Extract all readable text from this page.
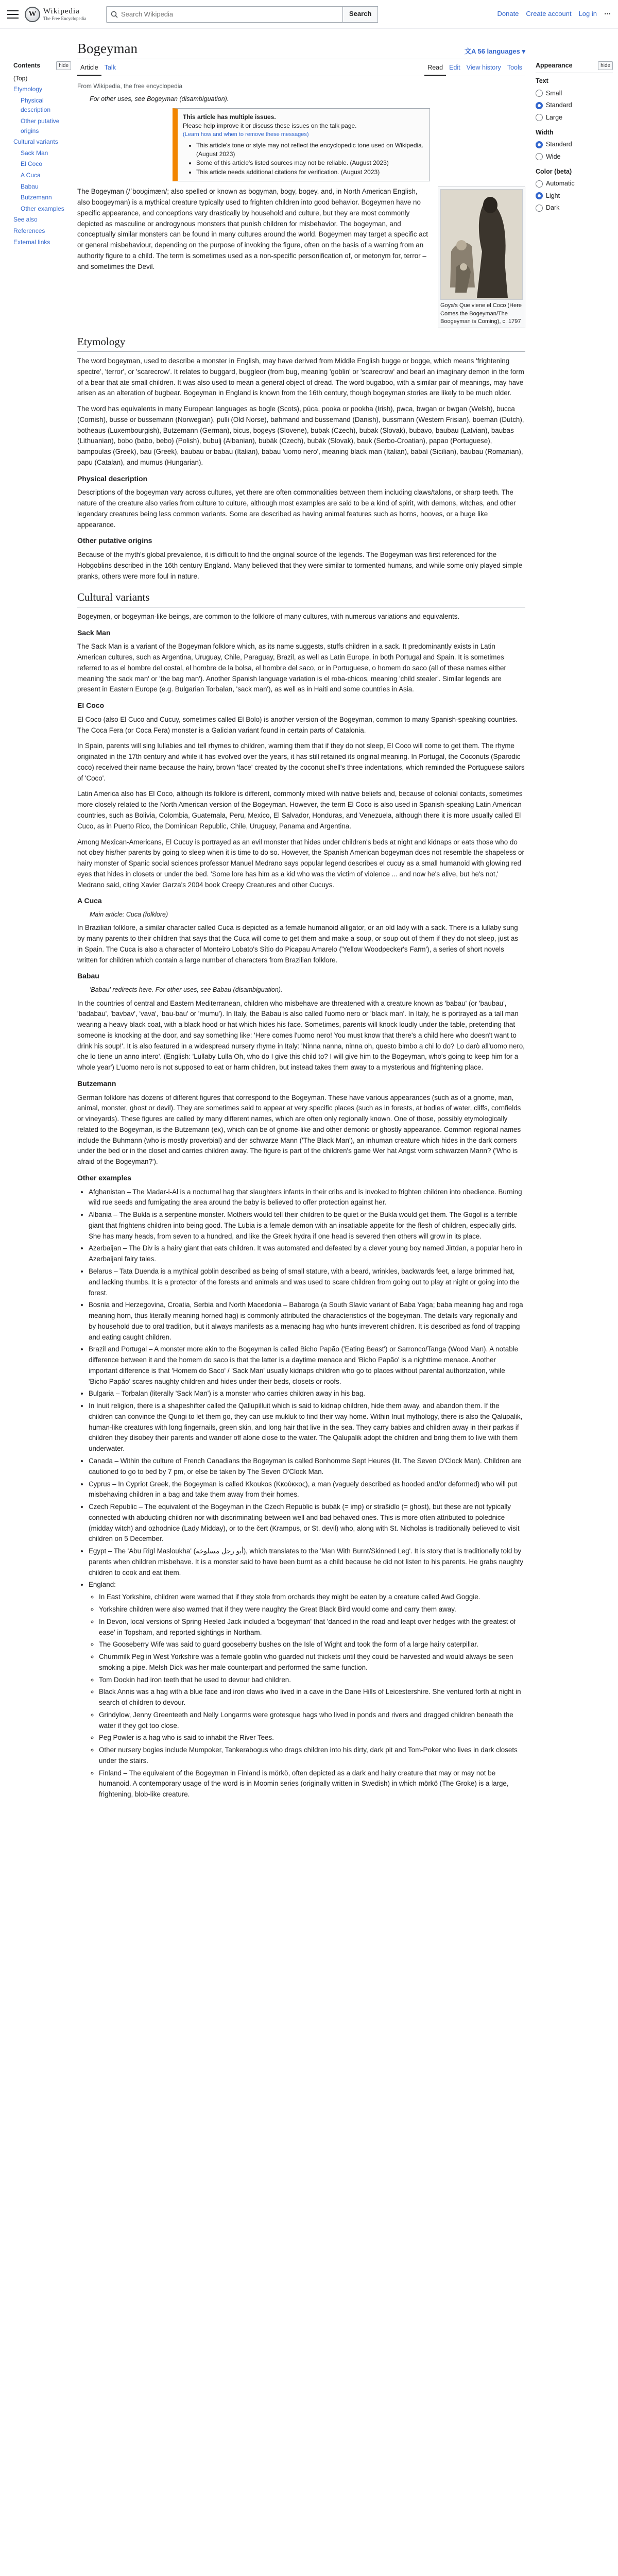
W Wikipedia
The Free Encyclopedia
Search Wikipedia
Search	Donate Create account Log in ⋯
Bogeyman	文A 56 languages ▾
Article Talk	Read Edit View history Tools
Contents	hide
(Top)
Etymology
Physical description
Other putative origins
Cultural variants
Sack Man
El Coco
A Cuca
Babau
Butzemann
Other examples
See also
References
External links
From Wikipedia, the free encyclopedia
For other uses, see Bogeyman (disambiguation).
This article has multiple issues.
Please help improve it or discuss these issues on the talk page.
(Learn how and when to remove these messages)
• This article's tone or style may not reflect the encyclopedic tone used on Wikipedia. (August 2023)
• Some of this article's listed sources may not be reliable. (August 2023)
• This article needs additional citations for verification. (August 2023)
Goya's Que viene el Coco (Here Comes the Bogeyman/The Boogeyman is Coming), c. 1797
The Bogeyman (/ˈboʊɡimæn/; also spelled or known as bogyman, bogy, bogey, and, in North American English, also boogeyman) is a mythical creature typically used to frighten children into good behavior. Bogeymen have no specific appearance, and conceptions vary drastically by household and culture, but they are most commonly depicted as masculine or androgynous monsters that punish children for misbehavior. The bogeyman, and conceptually similar monsters can be found in many cultures around the world. Bogeymen may target a specific act or general misbehaviour, depending on the purpose of invoking the figure, often on the basis of a warning from an authority figure to a child. The term is sometimes used as a non-specific personification of, or metonym for, terror – and sometimes the Devil.
Etymology
The word bogeyman, used to describe a monster in English, may have derived from Middle English bugge or bogge, which means 'frightening spectre', 'terror', or 'scarecrow'. It relates to buggard, buggleor (from bug, meaning 'goblin' or 'scarecrow' and bearl an imaginary demon in the form of a bear that ate small children. It was also used to mean a general object of dread. The word bugaboo, with a similar pair of meanings, may have arisen as an alteration of bugbear. Bogeyman in England is known from the 16th century, though bogeyman stories are likely to be much older.
The word has equivalents in many European languages as bogle (Scots), púca, pooka or pookha (Irish), pwca, bwgan or bwgan (Welsh), bucca (Cornish), busse or bussemann (Norwegian), pulli (Old Norse), bøhmand and bussemand (Danish), bussmann (Western Frisian), boeman (Dutch), botheaus (Luxembourgish), Butzemann (German), bicus, bogeys (Slovene), bubak (Czech), bubak (Slovak), bubavo, baubau (Latvian), baubas (Lithuanian), bobo (babo, bebo) (Polish), bubulj (Albanian), bubák (Czech), bubák (Slovak), bauk (Serbo-Croatian), papao (Portuguese), bampoulas (Greek), bau (Greek), baubau or babau (Italian), babau 'uomo nero', meaning black man (Italian), babaí (Sicilian), baubau (Romanian), papu (Catalan), and mumus (Hungarian).
Physical description
Descriptions of the bogeyman vary across cultures, yet there are often commonalities between them including claws/talons, or sharp teeth. The nature of the creature also varies from culture to culture, although most examples are said to be a kind of spirit, with demons, witches, and other legendary creatures being less common variants. Some are described as having animal features such as horns, hooves, or a huge like appearance.
Other putative origins
Because of the myth's global prevalence, it is difficult to find the original source of the legends. The Bogeyman was first referenced for the Hobgoblins described in the 16th century England. Many believed that they were similar to tormented humans, and while some only played simple pranks, others were more foul in nature.
Cultural variants
Bogeymen, or bogeyman-like beings, are common to the folklore of many cultures, with numerous variations and equivalents.
Sack Man
The Sack Man is a variant of the Bogeyman folklore which, as its name suggests, stuffs children in a sack. It predominantly exists in Latin American cultures, such as Argentina, Uruguay, Chile, Paraguay, Brazil, as well as Latin Europe, in both Portugal and Spain. It is sometimes referred to as el hombre del costal, el hombre de la bolsa, el hombre del saco, or in Portuguese, o homem do saco (all of these names either meaning 'the sack man' or 'the bag man'). Another Spanish language variation is el roba-chicos, meaning 'child stealer'. Similar legends are present in Eastern Europe (e.g. Bulgarian Torbalan, 'sack man'), as well as in Haiti and some countries in Asia.
El Coco
El Coco (also El Cuco and Cucuy, sometimes called El Bolo) is another version of the Bogeyman, common to many Spanish-speaking countries. The Coca Fera (or Coca Fera) monster is a Galician variant found in certain parts of Catalonia.
In Spain, parents will sing lullabies and tell rhymes to children, warning them that if they do not sleep, El Coco will come to get them. The rhyme originated in the 17th century and while it has evolved over the years, it has still retained its original meaning. In Portugal, the Coconuts (Sparodic coco) received their name because the hairy, brown 'face' created by the coconut shell's three indentations, which reminded the Portuguese sailors of 'Coco'.
Latin America also has El Coco, although its folklore is different, commonly mixed with native beliefs and, because of colonial contacts, sometimes more closely related to the North American version of the Bogeyman. However, the term El Coco is also used in Spanish-speaking Latin American countries, such as Bolivia, Colombia, Guatemala, Peru, Mexico, El Salvador, Honduras, and Venezuela, although there it is more usually called El Cuco, as in Puerto Rico, the Dominican Republic, Chile, Uruguay, Panama and Argentina.
Among Mexican-Americans, El Cucuy is portrayed as an evil monster that hides under children's beds at night and kidnaps or eats those who do not obey his/her parents by going to sleep when it is time to do so. However, the Spanish American bogeyman does not resemble the shapeless or hairy monster of Spanic social sciences professor Manuel Medrano says popular legend describes el cucuy as a small humanoid with glowing red eyes that hides in closets or under the bed. 'Some lore has him as a kid who was the victim of violence ... and now he's alive, but he's not,' Medrano said, citing Xavier Garza's 2004 book Creepy Creatures and other Cucuys.
A Cuca
Main article: Cuca (folklore)
In Brazilian folklore, a similar character called Cuca is depicted as a female humanoid alligator, or an old lady with a sack. There is a lullaby sung by many parents to their children that says that the Cuca will come to get them and make a soup, or soup out of them if they do not sleep, just as in Spain. The Cuca is also a character of Monteiro Lobato's Sítio do Picapau Amarelo ('Yellow Woodpecker's Farm'), a series of short novels written for children which contain a large number of characters from Brazilian folklore.
Babau
'Babau' redirects here. For other uses, see Babau (disambiguation).
In the countries of central and Eastern Mediterranean, children who misbehave are threatened with a creature known as 'babau' (or 'baubau', 'badabau', 'bavbav', 'vava', 'bau-bau' or 'mumu'). In Italy, the Babau is also called l'uomo nero or 'black man'. In Italy, he is portrayed as a tall man wearing a heavy black coat, with a black hood or hat which hides his face. Sometimes, parents will knock loudly under the table, pretending that someone is knocking at the door, and say something like: 'Here comes l'uomo nero! You must know that there's a child here who doesn't want to drink his soup!'. It is also featured in a widespread nursery rhyme in Italy: 'Ninna nanna, ninna oh, questo bimbo a chi lo do? Lo darò all'uomo nero, che lo tiene un anno intero'. (English: 'Lullaby Lulla Oh, who do I give this child to? I will give him to the Bogeyman, who's going to keep him for a whole year') L'uomo nero is not supposed to eat or harm children, but instead takes them away to a mysterious and frightening place.
Butzemann
German folklore has dozens of different figures that correspond to the Bogeyman. These have various appearances (such as of a gnome, man, animal, monster, ghost or devil). They are sometimes said to appear at very specific places (such as in forests, at bodies of water, cliffs, cornfields or vineyards). These figures are called by many different names, which are often only regionally known. One of those, possibly etymologically related to the Bogeyman, is the Butzemann (ex), which can be of gnome-like and other demonic or ghostly appearance. Common regional names include the Buhmann (who is mostly proverbial) and der schwarze Mann ('The Black Man'), an inhuman creature which hides in the dark corners under the bed or in the closet and carries children away. The figure is part of the children's game Wer hat Angst vorm schwarzen Mann? ('Who is afraid of the Bogeyman?').
Other examples
• Afghanistan – The Madar-i-Al is a nocturnal hag that slaughters infants in their cribs and is invoked to frighten children into obedience. Burning wild rue seeds and fumigating the area around the baby is believed to offer protection against her.
• Albania – The Bukla is a serpentine monster. Mothers would tell their children to be quiet or the Bukla would get them. The Gogol is a terrible giant that frightens children into being good. The Lubia is a female demon with an insatiable appetite for the flesh of children, especially girls. She has many heads, from seven to a hundred, and like the Greek hydra if one head is severed then others will grow in its place.
• Azerbaijan – The Div is a hairy giant that eats children. It was automated and defeated by a clever young boy named Jirtdan, a popular hero in Azerbaijani fairy tales.
• Belarus – Tata Duenda is a mythical goblin described as being of small stature, with a beard, wrinkles, backwards feet, a large brimmed hat, and lacking thumbs. It is a protector of the forests and animals and was used to scare children from going out to play at night or going into the forest.
• Bosnia and Herzegovina, Croatia, Serbia and North Macedonia – Babaroga (a South Slavic variant of Baba Yaga; baba meaning hag and roga meaning horn, thus literally meaning horned hag) is commonly attributed the characteristics of the bogeyman. The details vary regionally and by household due to oral tradition, but it always manifests as a menacing hag who hunts irreverent children. It is described as fond of trapping and eating caught children.
• Brazil and Portugal – A monster more akin to the Bogeyman is called Bicho Papão ('Eating Beast') or Sarronco/Tanga (Wood Man). A notable difference between it and the homem do saco is that the latter is a daytime menace and 'Bicho Papão' is a nighttime menace. Another important difference is that 'Homem do Saco' / 'Sack Man' usually kidnaps children who go to places without parental authorization, while 'Bicho Papão' scares naughty children and hides under their beds, closets or roofs.
• Bulgaria – Torbalan (literally 'Sack Man') is a monster who carries children away in his bag.
• In Inuit religion, there is a shapeshifter called the Qallupilluit which is said to kidnap children, hide them away, and abandon them. If the children can convince the Qungi to let them go, they can use mukluk to find their way home. Within Inuit mythology, there is also the Qalupalik, human-like creatures with long fingernails, green skin, and long hair that live in the sea. They carry babies and children away in their parkas if children they disobey their parents and wander off alone close to the water. The Qalupalik adopt the children and bring them to live with them underwater.
• Canada – Within the culture of French Canadians the Bogeyman is called Bonhomme Sept Heures (lit. The Seven O'Clock Man). Children are cautioned to go to bed by 7 pm, or else be taken by The Seven O'Clock Man.
• Cyprus – In Cypriot Greek, the Bogeyman is called Kkoukos (Κκούκκος), a man (vaguely described as hooded and/or deformed) who will put misbehaving children in a bag and take them away from their homes.
• Czech Republic – The equivalent of the Bogeyman in the Czech Republic is bubák (= imp) or strašidlo (= ghost), but these are not typically connected with abducting children nor with discriminating between well and bad behaved ones. This is more often attributed to polednice (midday witch) and ozhodnice (Lady Midday), or to the čert (Krampus, or St. devil) who, along with St. Nicholas is traditionally believed to visit children on 5 December.
• Egypt – The 'Abu Rigl Masloukha' (أبو رجل مسلوخة), which translates to the 'Man With Burnt/Skinned Leg'. It is story that is traditionally told by parents when children misbehave. It is a monster said to have been burnt as a child because he did not listen to his parents. He grabs naughty children to cook and eat them.
• England:
◦ In East Yorkshire, children were warned that if they stole from orchards they might be eaten by a creature called Awd Goggie.
◦ Yorkshire children were also warned that if they were naughty the Great Black Bird would come and carry them away.
◦ In Devon, local versions of Spring Heeled Jack included a 'bogeyman' that 'danced in the road and leapt over hedges with the greatest of ease' in Topsham, and reported sightings in Northam.
◦ The Gooseberry Wife was said to guard gooseberry bushes on the Isle of Wight and took the form of a large hairy caterpillar.
◦ Churnmilk Peg in West Yorkshire was a female goblin who guarded nut thickets until they could be harvested and would always be seen smoking a pipe. Melsh Dick was her male counterpart and performed the same function.
◦ Tom Dockin had iron teeth that he used to devour bad children.
◦ Black Annis was a hag with a blue face and iron claws who lived in a cave in the Dane Hills of Leicestershire. She ventured forth at night in search of children to devour.
◦ Grindylow, Jenny Greenteeth and Nelly Longarms were grotesque hags who lived in ponds and rivers and dragged children beneath the water if they got too close.
◦ Peg Powler is a hag who is said to inhabit the River Tees.
◦ Other nursery bogies include Mumpoker, Tankerabogus who drags children into his dirty, dark pit and Tom-Poker who lives in dark closets under the stairs.
◦ Finland – The equivalent of the Bogeyman in Finland is mörkö, often depicted as a dark and hairy creature that may or may not be humanoid. A contemporary usage of the word is in Moomin series (originally written in Swedish) in which mörkö (The Groke) is a large, frightening, blob-like creature.
Appearance	hide
Text
Small
Standard
Large
Width
Standard
Wide
Color (beta)
Automatic
Light
Dark
